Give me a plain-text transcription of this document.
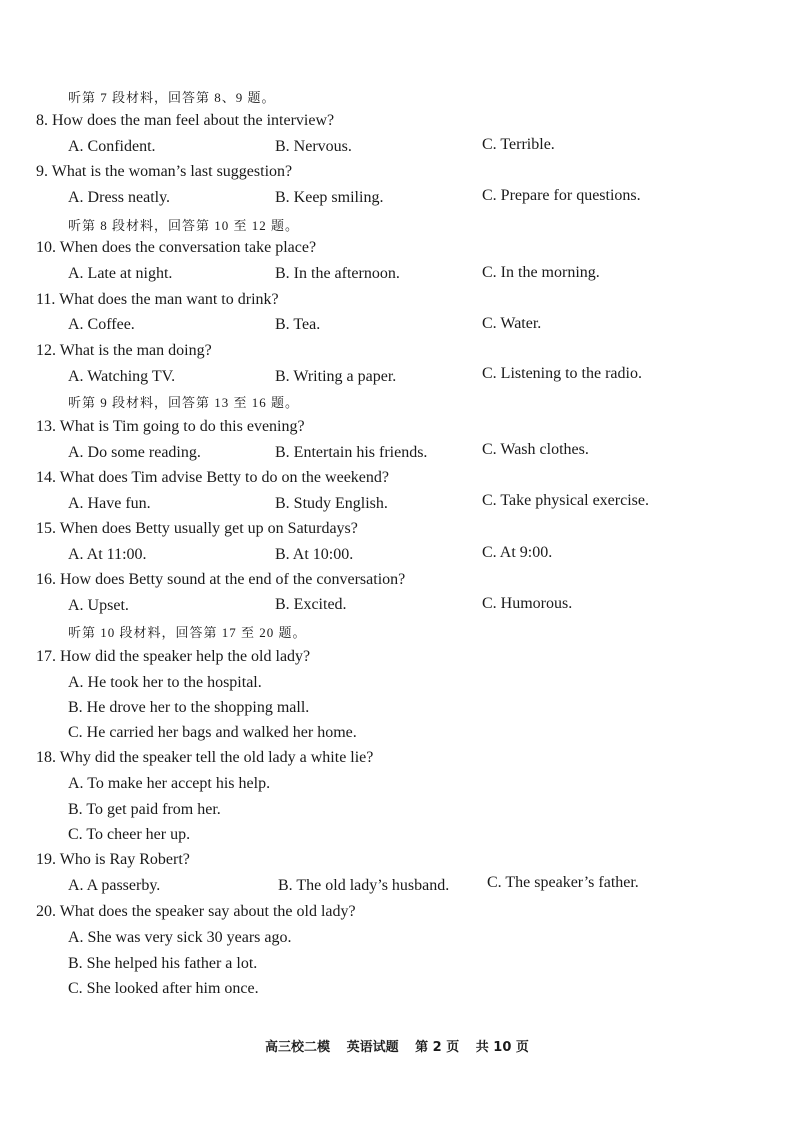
听第 7 段材料，回答第 8、9 题。
8. How does the man feel about the interview?
A. Confident.	B. Nervous.	C. Terrible.
9. What is the woman’s last suggestion?
A. Dress neatly.	B. Keep smiling.	C. Prepare for questions.
听第 8 段材料，回答第 10 至 12 题。
10. When does the conversation take place?
A. Late at night.	B. In the afternoon.	C. In the morning.
11. What does the man want to drink?
A. Coffee.	B. Tea.	C. Water.
12. What is the man doing?
A. Watching TV.	B. Writing a paper.	C. Listening to the radio.
听第 9 段材料，回答第 13 至 16 题。
13. What is Tim going to do this evening?
A. Do some reading.	B. Entertain his friends.	C. Wash clothes.
14. What does Tim advise Betty to do on the weekend?
A. Have fun.	B. Study English.	C. Take physical exercise.
15. When does Betty usually get up on Saturdays?
A. At 11:00.	B. At 10:00.	C. At 9:00.
16. How does Betty sound at the end of the conversation?
A. Upset.	B. Excited.	C. Humorous.
听第 10 段材料，回答第 17 至 20 题。
17. How did the speaker help the old lady?
A. He took her to the hospital.
B. He drove her to the shopping mall.
C. He carried her bags and walked her home.
18. Why did the speaker tell the old lady a white lie?
A. To make her accept his help.
B. To get paid from her.
C. To cheer her up.
19. Who is Ray Robert?
A. A passerby.	B. The old lady’s husband. C. The speaker’s father.
20. What does the speaker say about the old lady?
A. She was very sick 30 years ago.
B. She helped his father a lot.
C. She looked after him once.
高三校二模 英语试题 第 2 页 共 10 页
